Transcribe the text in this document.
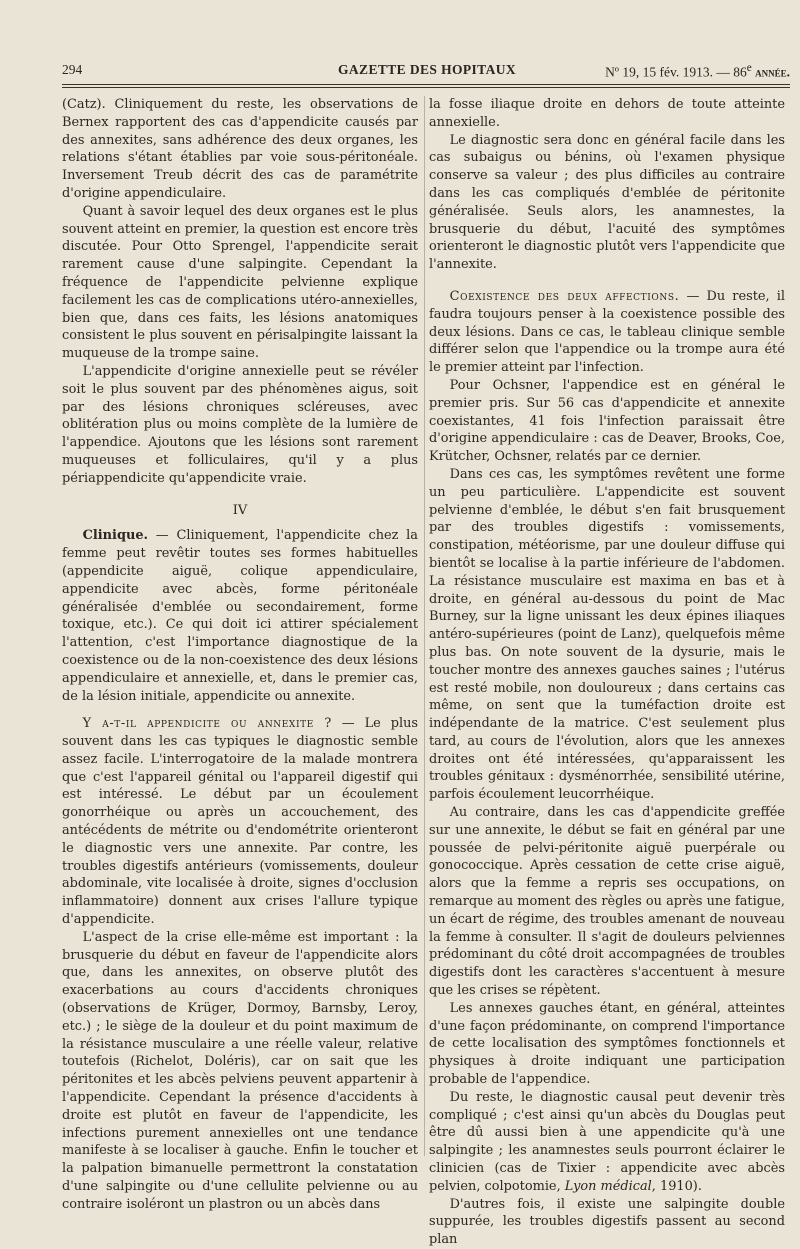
294	GAZETTE DES HOPITAUX	Nº 19, 15 fév. 1913. — 86e année.

(Catz). Cliniquement du reste, les observations de Bernex rapportent des cas d'appendicite causés par des annexites, sans adhérence des deux organes, les relations s'étant établies par voie sous-péritonéale. Inversement Treub décrit des cas de paramétrite d'origine appendiculaire.

Quant à savoir lequel des deux organes est le plus souvent atteint en premier, la question est encore très discutée. Pour Otto Sprengel, l'appendicite serait rarement cause d'une salpingite. Cependant la fréquence de l'appendicite pelvienne explique facilement les cas de complications utéro-annexielles, bien que, dans ces faits, les lésions anatomiques consistent le plus souvent en périsalpingite laissant la muqueuse de la trompe saine.

L'appendicite d'origine annexielle peut se révéler soit le plus souvent par des phénomènes aigus, soit par des lésions chroniques scléreuses, avec oblitération plus ou moins complète de la lumière de l'appendice. Ajoutons que les lésions sont rarement muqueuses et folliculaires, qu'il y a plus périappendicite qu'appendicite vraie.

IV

Clinique. — Cliniquement, l'appendicite chez la femme peut revêtir toutes ses formes habituelles (appendicite aiguë, colique appendiculaire, appendicite avec abcès, forme péritonéale généralisée d'emblée ou secondairement, forme toxique, etc.). Ce qui doit ici attirer spécialement l'attention, c'est l'importance diagnostique de la coexistence ou de la non-coexistence des deux lésions appendiculaire et annexielle, et, dans le premier cas, de la lésion initiale, appendicite ou annexite.

Y a-t-il appendicite ou annexite ? — Le plus souvent dans les cas typiques le diagnostic semble assez facile. L'interrogatoire de la malade montrera que c'est l'appareil génital ou l'appareil digestif qui est intéressé. Le début par un écoulement gonorrhéique ou après un accouchement, des antécédents de métrite ou d'endométrite orienteront le diagnostic vers une annexite. Par contre, les troubles digestifs antérieurs (vomissements, douleur abdominale, vite localisée à droite, signes d'occlusion inflammatoire) donnent aux crises l'allure typique d'appendicite.

L'aspect de la crise elle-même est important : la brusquerie du début en faveur de l'appendicite alors que, dans les annexites, on observe plutôt des exacerbations au cours d'accidents chroniques (observations de Krüger, Dormoy, Barnsby, Leroy, etc.) ; le siège de la douleur et du point maximum de la résistance musculaire a une réelle valeur, relative toutefois (Richelot, Doléris), car on sait que les péritonites et les abcès pelviens peuvent appartenir à l'appendicite. Cependant la présence d'accidents à droite est plutôt en faveur de l'appendicite, les infections purement annexielles ont une tendance manifeste à se localiser à gauche. Enfin le toucher et la palpation bimanuelle permettront la constatation d'une salpingite ou d'une cellulite pelvienne ou au contraire isoléront un plastron ou un abcès dans

la fosse iliaque droite en dehors de toute atteinte annexielle.

Le diagnostic sera donc en général facile dans les cas subaigus ou bénins, où l'examen physique conserve sa valeur ; des plus difficiles au contraire dans les cas compliqués d'emblée de péritonite généralisée. Seuls alors, les anamnestes, la brusquerie du début, l'acuité des symptômes orienteront le diagnostic plutôt vers l'appendicite que l'annexite.

Coexistence des deux affections. — Du reste, il faudra toujours penser à la coexistence possible des deux lésions. Dans ce cas, le tableau clinique semble différer selon que l'appendice ou la trompe aura été le premier atteint par l'infection.

Pour Ochsner, l'appendice est en général le premier pris. Sur 56 cas d'appendicite et annexite coexistantes, 41 fois l'infection paraissait être d'origine appendiculaire : cas de Deaver, Brooks, Coe, Krütcher, Ochsner, relatés par ce dernier.

Dans ces cas, les symptômes revêtent une forme un peu particulière. L'appendicite est souvent pelvienne d'emblée, le début s'en fait brusquement par des troubles digestifs : vomissements, constipation, météorisme, par une douleur diffuse qui bientôt se localise à la partie inférieure de l'abdomen. La résistance musculaire est maxima en bas et à droite, en général au-dessous du point de Mac Burney, sur la ligne unissant les deux épines iliaques antéro-supérieures (point de Lanz), quelquefois même plus bas. On note souvent de la dysurie, mais le toucher montre des annexes gauches saines ; l'utérus est resté mobile, non douloureux ; dans certains cas même, on sent que la tuméfaction droite est indépendante de la matrice. C'est seulement plus tard, au cours de l'évolution, alors que les annexes droites ont été intéressées, qu'apparaissent les troubles génitaux : dysménorrhée, sensibilité utérine, parfois écoulement leucorrhéique.

Au contraire, dans les cas d'appendicite greffée sur une annexite, le début se fait en général par une poussée de pelvi-péritonite aiguë puerpérale ou gonococcique. Après cessation de cette crise aiguë, alors que la femme a repris ses occupations, on remarque au moment des règles ou après une fatigue, un écart de régime, des troubles amenant de nouveau la femme à consulter. Il s'agit de douleurs pelviennes prédominant du côté droit accompagnées de troubles digestifs dont les caractères s'accentuent à mesure que les crises se répètent.

Les annexes gauches étant, en général, atteintes d'une façon prédominante, on comprend l'importance de cette localisation des symptômes fonctionnels et physiques à droite indiquant une participation probable de l'appendice.

Du reste, le diagnostic causal peut devenir très compliqué ; c'est ainsi qu'un abcès du Douglas peut être dû aussi bien à une appendicite qu'à une salpingite ; les anamnestes seuls pourront éclairer le clinicien (cas de Tixier : appendicite avec abcès pelvien, colpotomie, Lyon médical, 1910).

D'autres fois, il existe une salpingite double suppurée, les troubles digestifs passent au second plan
